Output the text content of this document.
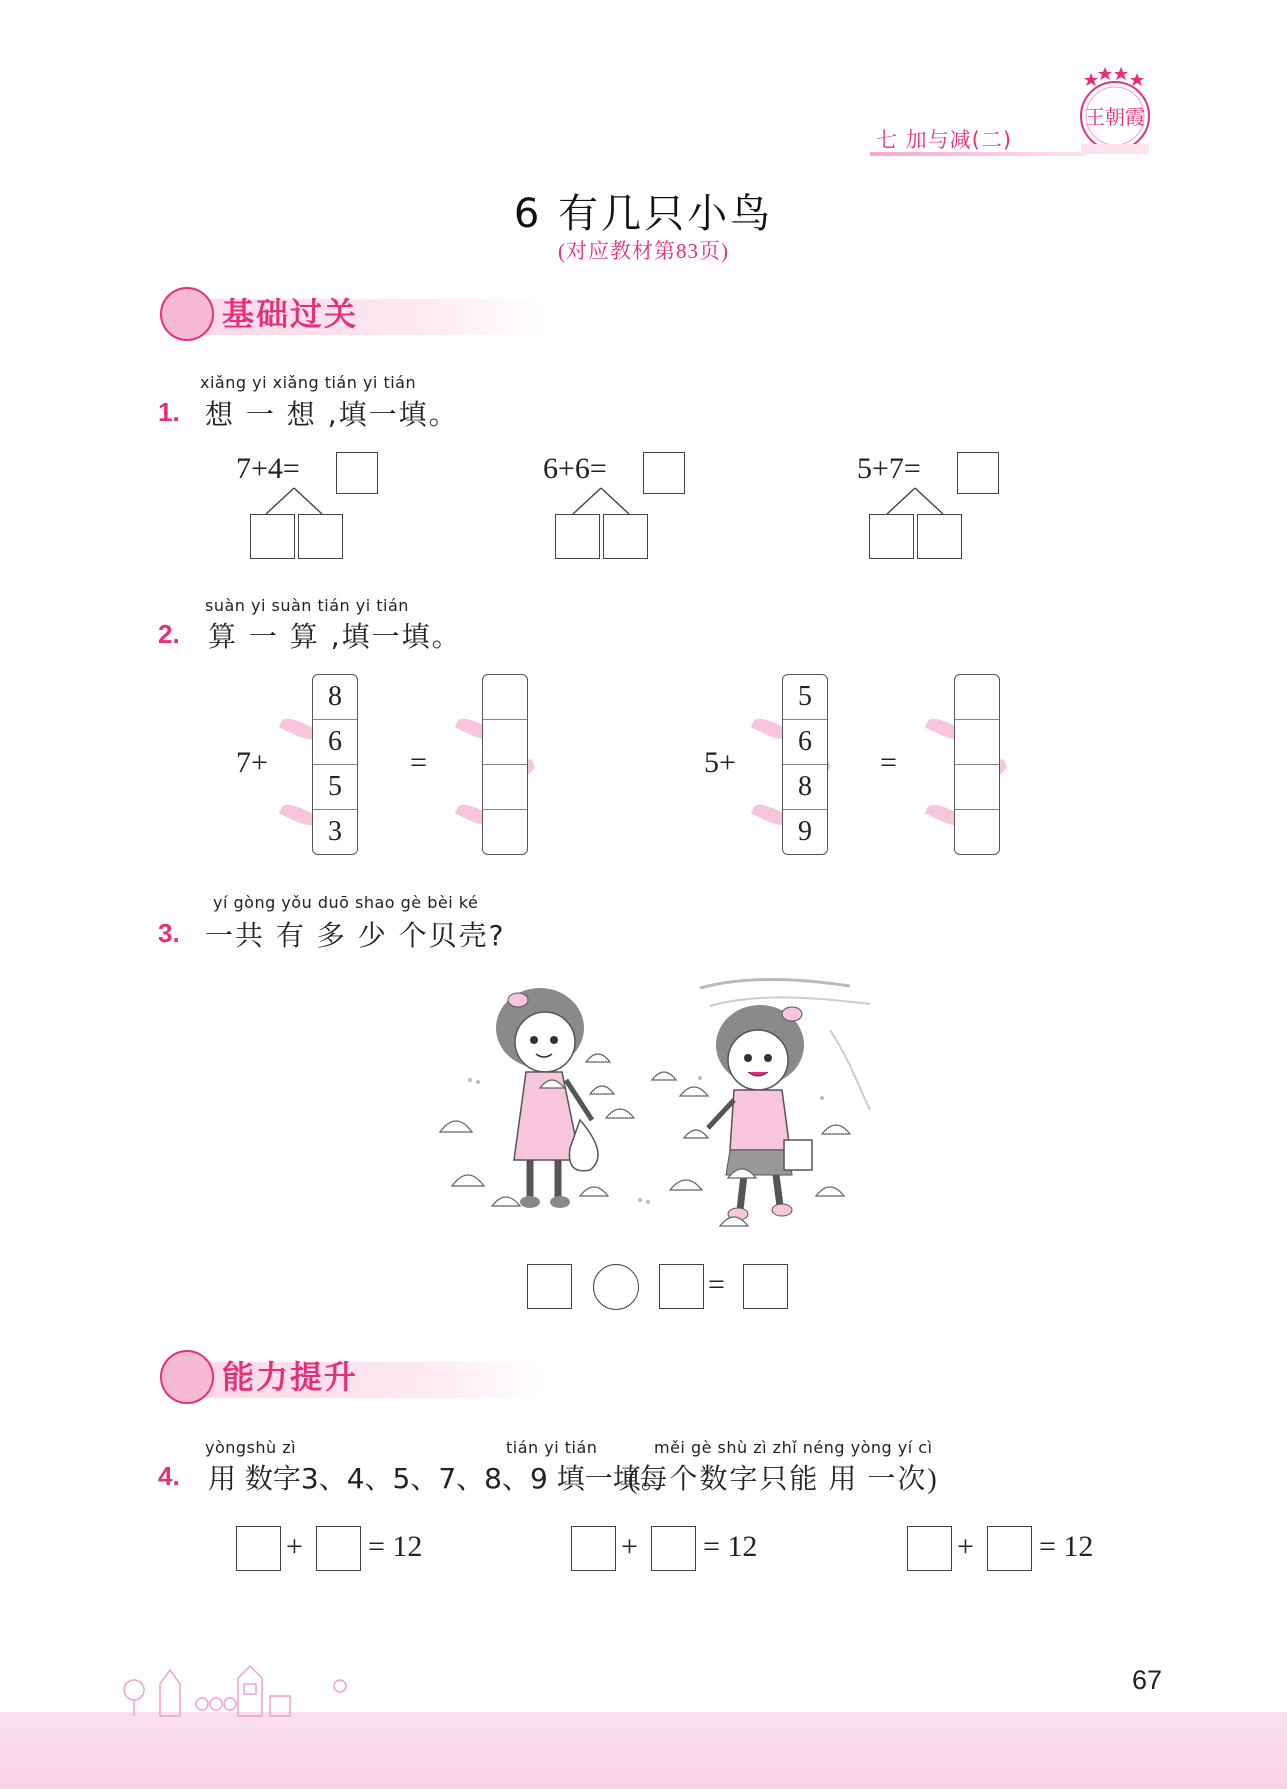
七 加与减(二)
王朝霞
6 有几只小鸟
(对应教材第83页)
基础过关
xiǎng yi xiǎng tián yi tián
1. 想 一 想 ,填一填。
7+4=	6+6=	5+7=
suàn yi suàn tián yi tián
2. 算 一 算 ,填一填。
7+
8
6
5
3
=	5+
5
6
8
9
=
yí gòng yǒu duō shao gè bèi ké
3. 一共 有 多 少 个贝壳?
=
能力提升
yòngshù zì	tián yi tián	měi gè shù zì zhǐ néng yòng yí cì
4. 用 数字3、4、5、7、8、9 填一填。
(每个数字只能 用 一次)
+ = 12	+ = 12	+ = 12
67
